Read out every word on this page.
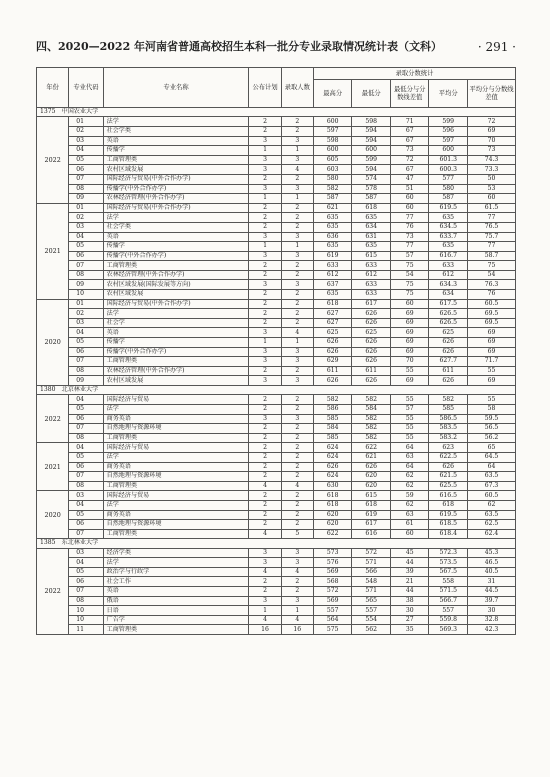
四、2020—2022 年河南省普通高校招生本科一批分专业录取情况统计表（文科）	· 291 ·
年份	专业代码	专业名称	公布计划	录取人数	录取分数统计				
					最高分	最低分	最低分与分数线差值	平均分	平均分与分数线差值
1375　中国农业大学									
2022	01	法学	2	2	600	598	71	599	72
	02	社会学类	2	2	597	594	67	596	69
	03	英语	3	3	598	594	67	597	70
	04	传播学	1	1	600	600	73	600	73
	05	工商管理类	3	3	605	599	72	601.3	74.3
	06	农村区域发展	3	4	603	594	67	600.3	73.3
	07	国际经济与贸易(中外合作办学)	2	2	580	574	47	577	50
	08	传播学(中外合作办学)	3	3	582	578	51	580	53
	09	农林经济管理(中外合作办学)	1	1	587	587	60	587	60
2021	01	国际经济与贸易(中外合作办学)	2	2	621	618	60	619.5	61.5
	02	法学	2	2	635	635	77	635	77
	03	社会学类	2	2	635	634	76	634.5	76.5
	04	英语	3	3	636	631	73	633.7	75.7
	05	传播学	1	1	635	635	77	635	77
	06	传播学(中外合作办学)	3	3	619	615	57	616.7	58.7
	07	工商管理类	2	2	633	633	75	633	75
	08	农林经济管理(中外合作办学)	2	2	612	612	54	612	54
	09	农村区域发展(国际发展等方向)	3	3	637	633	75	634.3	76.3
	10	农村区域发展	2	2	635	633	75	634	76
2020	01	国际经济与贸易(中外合作办学)	2	2	618	617	60	617.5	60.5
	02	法学	2	2	627	626	69	626.5	69.5
	03	社会学	2	2	627	626	69	626.5	69.5
	04	英语	3	4	625	625	69	625	69
	05	传播学	1	1	626	626	69	626	69
	06	传播学(中外合作办学)	3	3	626	626	69	626	69
	07	工商管理类	3	3	629	626	70	627.7	71.7
	08	农林经济管理(中外合作办学)	2	2	611	611	55	611	55
	09	农村区域发展	3	3	626	626	69	626	69
1380　北京林业大学									
2022	04	国际经济与贸易	2	2	582	582	55	582	55
	05	法学	2	2	586	584	57	585	58
	06	商务英语	3	3	585	582	55	586.5	59.5
	07	自然地理与资源环境	2	2	584	582	55	583.5	56.5
	08	工商管理类	2	2	585	582	55	583.2	56.2
2021	04	国际经济与贸易	2	2	624	622	64	623	65
	05	法学	2	2	624	621	63	622.5	64.5
	06	商务英语	2	2	626	626	64	626	64
	07	自然地理与资源环境	2	2	624	620	62	621.5	63.5
	08	工商管理类	4	4	630	620	62	625.5	67.3
2020	03	国际经济与贸易	2	2	618	615	59	616.5	60.5
	04	法学	2	2	618	618	62	618	62
	05	商务英语	2	2	620	619	63	619.5	63.5
	06	自然地理与资源环境	2	2	620	617	61	618.5	62.5
	07	工商管理类	4	5	622	616	60	618.4	62.4
1385　东北林业大学									
2022	03	经济学类	3	3	573	572	45	572.3	45.3
	04	法学	3	3	576	571	44	573.5	46.5
	05	政治学与行政学	4	4	569	566	39	567.5	40.5
	06	社会工作	2	2	568	548	21	558	31
	07	英语	2	2	572	571	44	571.5	44.5
	08	俄语	3	3	569	565	38	566.7	39.7
	10	日语	1	1	557	557	30	557	30
	10	广告学	4	4	564	554	27	559.8	32.8
	11	工商管理类	16	16	575	562	35	569.3	42.3
